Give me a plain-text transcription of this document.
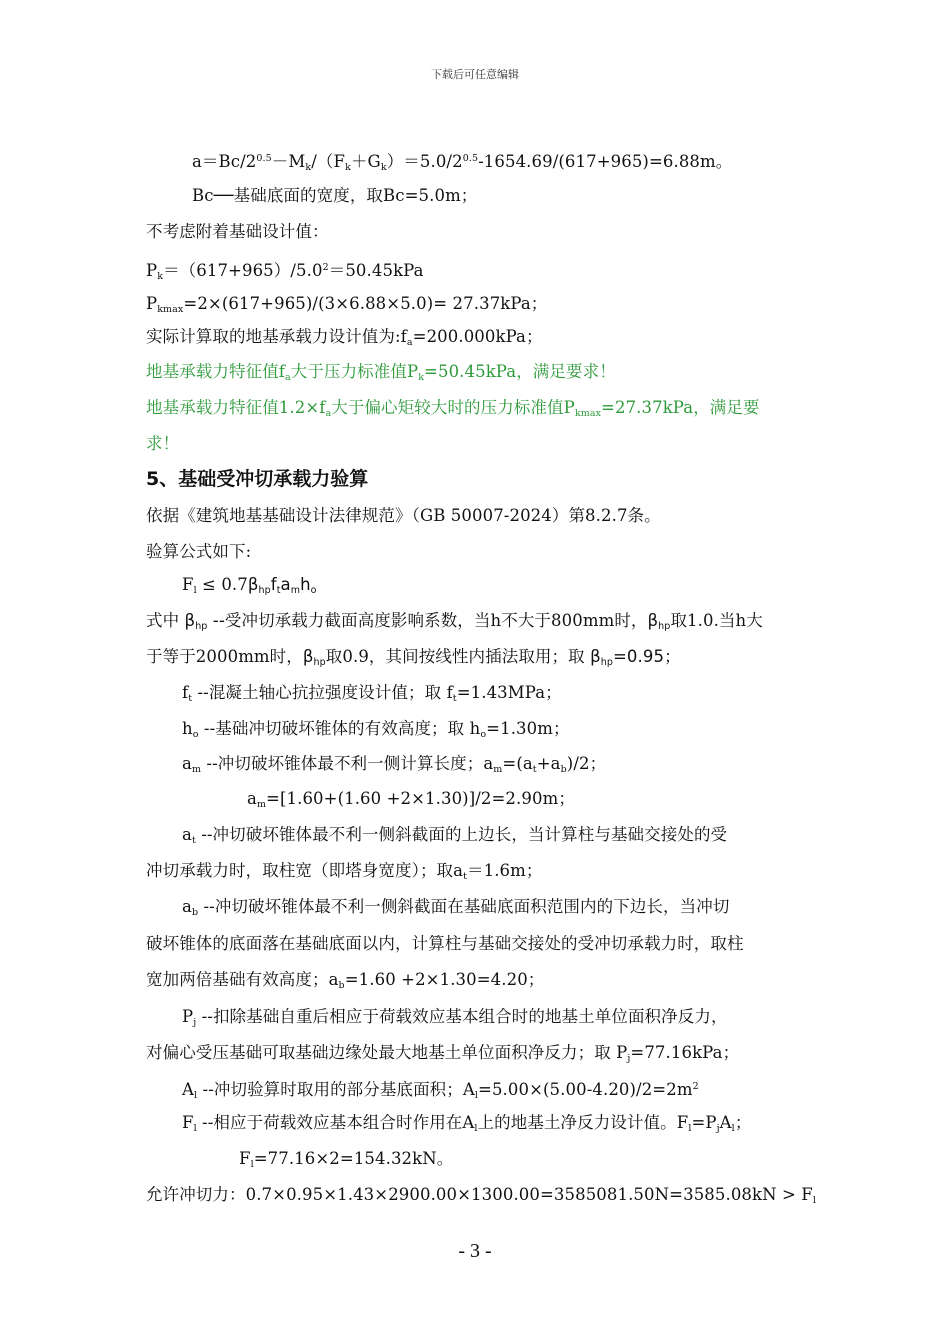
下载后可任意编辑
$a=Bc/2^{0.5}-M_k/(F_k+G_k)=5.0/2^{0.5}-1654.69/(617+965)=6.88m$。
Bc──基础底面的宽度，取Bc=5.0m；
不考虑附着基础设计值：
$P_k=(617+965)/5.0^2=50.45kPa$
$P_{kmax}=2\times(617+965)/(3\times 6.88\times 5.0)= 27.37kPa$；
实际计算取的地基承载力设计值为$:f_a=200.000kPa$；
地基承载力特征值$f_a$大于压力标准值$P_k=50.45kPa$，满足要求！
地基承载力特征值$1.2\times f_a$大于偏心矩较大时的压力标准值$P_{kmax}=27.37kPa$，满足要
求！
5、基础受冲切承载力验算
依据《建筑地基基础设计法律规范》（GB 50007-2024）第8.2.7条。
验算公式如下:
$F_l \le 0.7\beta_{hp}f_ta_mh_o$
式中 $\beta_{hp}$ --受冲切承载力截面高度影响系数，当h不大于800mm时，$\beta_{hp}$取1.0.当h大
于等于2000mm时，$\beta_{hp}$取0.9，其间按线性内插法取用；取 $\beta_{hp}=0.95$；
$f_t$ --混凝土轴心抗拉强度设计值；取 $f_t=1.43MPa$；
$h_o$ --基础冲切破坏锥体的有效高度；取 $h_o=1.30m$；
$a_m$ --冲切破坏锥体最不利一侧计算长度；$a_m=(a_t+a_b)/2$；
$a_m=[1.60+(1.60 +2\times 1.30)]/2=2.90m$；
$a_t$ --冲切破坏锥体最不利一侧斜截面的上边长，当计算柱与基础交接处的受
冲切承载力时，取柱宽（即塔身宽度）；取$a_t=1.6m$；
$a_b$ --冲切破坏锥体最不利一侧斜截面在基础底面积范围内的下边长，当冲切
破坏锥体的底面落在基础底面以内，计算柱与基础交接处的受冲切承载力时，取柱
宽加两倍基础有效高度；$a_b=1.60 +2\times 1.30=4.20$；
$P_j$ --扣除基础自重后相应于荷载效应基本组合时的地基土单位面积净反力，
对偏心受压基础可取基础边缘处最大地基土单位面积净反力；取 $P_j=77.16kPa$；
$A_l$ --冲切验算时取用的部分基底面积；$A_l=5.00\times(5.00-4.20)/2=2m^2$
$F_l$ --相应于荷载效应基本组合时作用在$A_l$上的地基土净反力设计值。$F_l=P_jA_l$；
$F_l=77.16\times 2=154.32kN$。
允许冲切力：$0.7\times 0.95\times 1.43\times 2900.00\times 1300.00=3585081.50N=3585.08kN > F_l$
- 3 -
